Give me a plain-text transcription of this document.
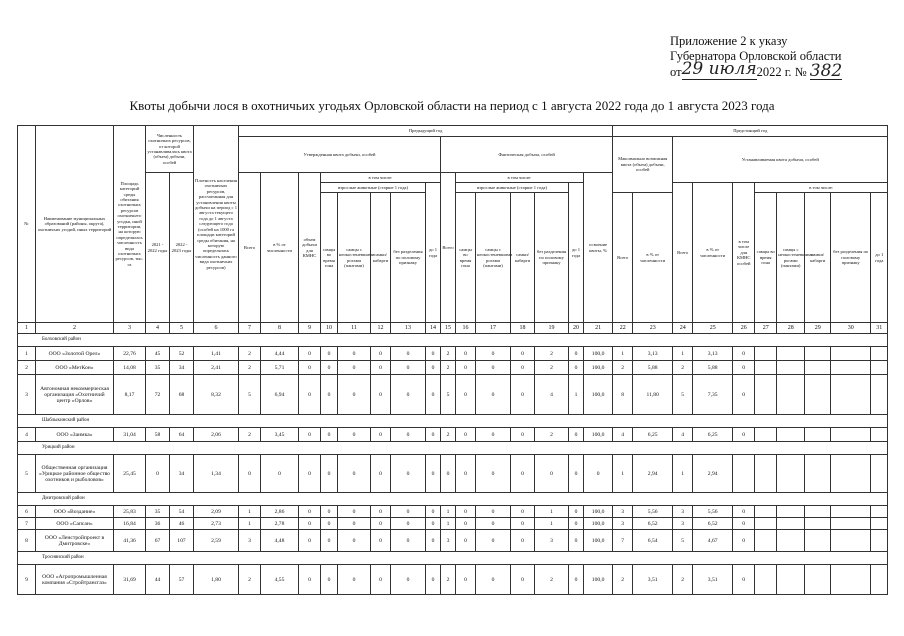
Приложение 2 к указу
Губернатора Орловской области
от29 июля2022 г. № 382
Квоты добычи лося в охотничьих угодьях Орловской области на период с 1 августа 2022 года до 1 августа 2023 года
№	Наименование муниципальных образований (районы, округа), охотничьих угодий, иных территорий	Площадь категорий среды обитания охотничьих ресурсов охотничьего угодья, иной территории, на которую определялась численность вида охотничьих ресурсов, тыс. га	Численность охотничьих ресурсов, от которой устанавливалась квота (объем) добычи, особей		Плотность населения охотничьих ресурсов, рассчитанная для установления квоты добычи на период с 1 августа текущего года до 1 августа следующего года (особей на 1000 га площади категорий среды обитания, на которую определялась численность данного вида охотничьих ресурсов)	Предыдущий год															Предстоящий год									
						Утвержденная квота добычи, особей								Фактическая добыча, особей							Максимально возможная квота (объем) добычи, особей		Устанавливаемая квота добычи, особей							
			2021 - 2022 годы	2022 - 2023 годы		Всего	в % от численности	объем добычи для КМНС	в том числе:					Всего	в том числе:					освоение квоты, %										
									взрослые животные (старше 1 года)				до 1 года		взрослые животные (старше 1 года)				до 1 года				Всего	в % от численности	в том числе для КМНС особей	в том числе:				
									самцы во время гона	самцы с неокостеневшими рогами (пантами)	самки/ кабарги	без разделения по половому признаку			самцы во время гона	самцы с неокостеневшими рогами (пантами)	самки/ кабарги	без разделения по половому признаку			Всего	в % от численности				самцы во время гона	самцы с неокостеневшими рогами (пантами)	самки/ кабарги	без разделения по половому признаку	до 1 года
1	2	3	4	5	6	7	8	9	10	11	12	13	14	15	16	17	18	19	20	21	22	23	24	25	26	27	28	29	30	31
Болховский район																														
1	ООО «Золотой Орел»	22,76	45	52	1,41	2	4,44	0	0	0	0	0	0	2	0	0	0	2	0	100,0	1	3,13	1	3,13	0					
2	ООО «МетКон»	14,08	35	34	2,41	2	5,71	0	0	0	0	0	0	2	0	0	0	2	0	100,0	2	5,88	2	5,88	0					
3	Автономная некоммерческая организация «Охотничий центр «Орлов»	8,17	72	68	8,32	5	6,94	0	0	0	0	0	0	5	0	0	0	4	1	100,0	8	11,80	5	7,35	0					
Шаблыкинский район																														
4	ООО «Заимка»	31,04	58	64	2,06	2	3,45	0	0	0	0	0	0	2	0	0	0	2	0	100,0	4	6,25	4	6,25	0					
Урицкий район																														
5	Общественная организация «Урицкое районное общество охотников и рыболовов»	25,45	0	34	1,34	0	0	0	0	0	0	0	0	0	0	0	0	0	0	0	1	2,94	1	2,94						
Дмитровский район																														
6	ООО «Воздание»	25,83	35	54	2,09	1	2,86	0	0	0	0	0	0	1	0	0	0	1	0	100,0	3	5,56	3	5,56	0					
7	ООО «Сапсан»	16,84	36	46	2,73	1	2,78	0	0	0	0	0	0	1	0	0	0	1	0	100,0	3	6,52	3	6,52	0					
8	ООО «Ленстройпроект в Дмитровске»	41,36	67	107	2,59	3	4,48	0	0	0	0	0	0	3	0	0	0	3	0	100,0	7	6,54	5	4,67	0					
Троснянский район																														
9	ООО «Агропромышленная компания «Стройтрансгаз»	31,69	44	57	1,80	2	4,55	0	0	0	0	0	0	2	0	0	0	2	0	100,0	2	3,51	2	3,51	0					
